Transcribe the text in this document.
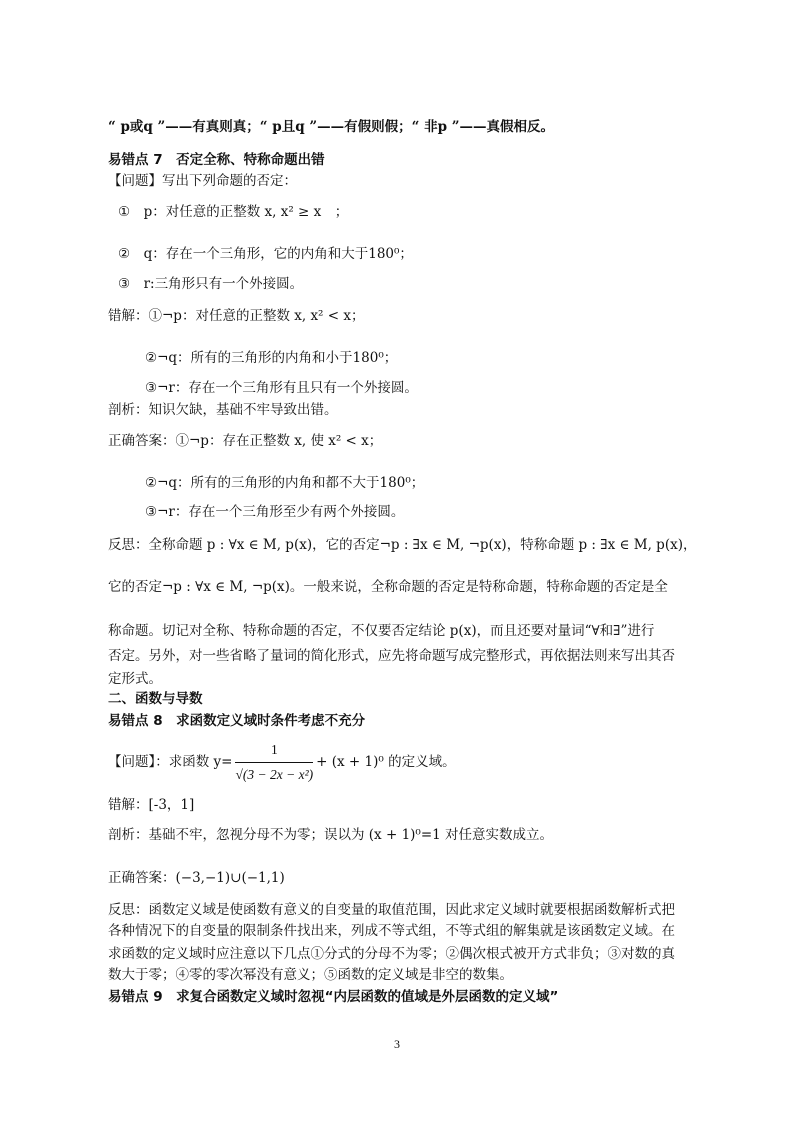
“ p或q ”——有真则真；“ p且q ”——有假则假；“ 非p ”——真假相反。
易错点 7　否定全称、特称命题出错
【问题】写出下列命题的否定：
①　p：对任意的正整数 x, x² ≥ x　；
②　q：存在一个三角形，它的内角和大于180⁰；
③　r:三角形只有一个外接圆。
错解：①¬p：对任意的正整数 x, x² < x；
②¬q：所有的三角形的内角和小于180⁰；
③¬r：存在一个三角形有且只有一个外接圆。
剖析：知识欠缺，基础不牢导致出错。
正确答案：①¬p：存在正整数 x, 使 x² < x；
②¬q：所有的三角形的内角和都不大于180⁰；
③¬r：存在一个三角形至少有两个外接圆。
反思：全称命题 p : ∀x ∈ M, p(x)，它的否定¬p : ∃x ∈ M, ¬p(x)，特称命题 p : ∃x ∈ M, p(x)，
它的否定¬p : ∀x ∈ M, ¬p(x)。一般来说，全称命题的否定是特称命题，特称命题的否定是全
称命题。切记对全称、特称命题的否定，不仅要否定结论 p(x)，而且还要对量词“∀和∃”进行
否定。另外，对一些省略了量词的简化形式，应先将命题写成完整形式，再依据法则来写出其否
定形式。
二、函数与导数
易错点 8　求函数定义域时条件考虑不充分
【问题】：求函数 $y= \frac{1}{\text{√(3 − 2x − x²)}} + (x + 1)^0$ 的定义域。
错解：[-3，1]
剖析：基础不牢，忽视分母不为零；误以为 (x + 1)⁰=1 对任意实数成立。
正确答案：(−3,−1)∪(−1,1)
反思：函数定义域是使函数有意义的自变量的取值范围，因此求定义域时就要根据函数解析式把
各种情况下的自变量的限制条件找出来，列成不等式组，不等式组的解集就是该函数定义域。在
求函数的定义域时应注意以下几点①分式的分母不为零；②偶次根式被开方式非负；③对数的真
数大于零；④零的零次幂没有意义；⑤函数的定义域是非空的数集。
易错点 9　求复合函数定义域时忽视“内层函数的值域是外层函数的定义域”
3
